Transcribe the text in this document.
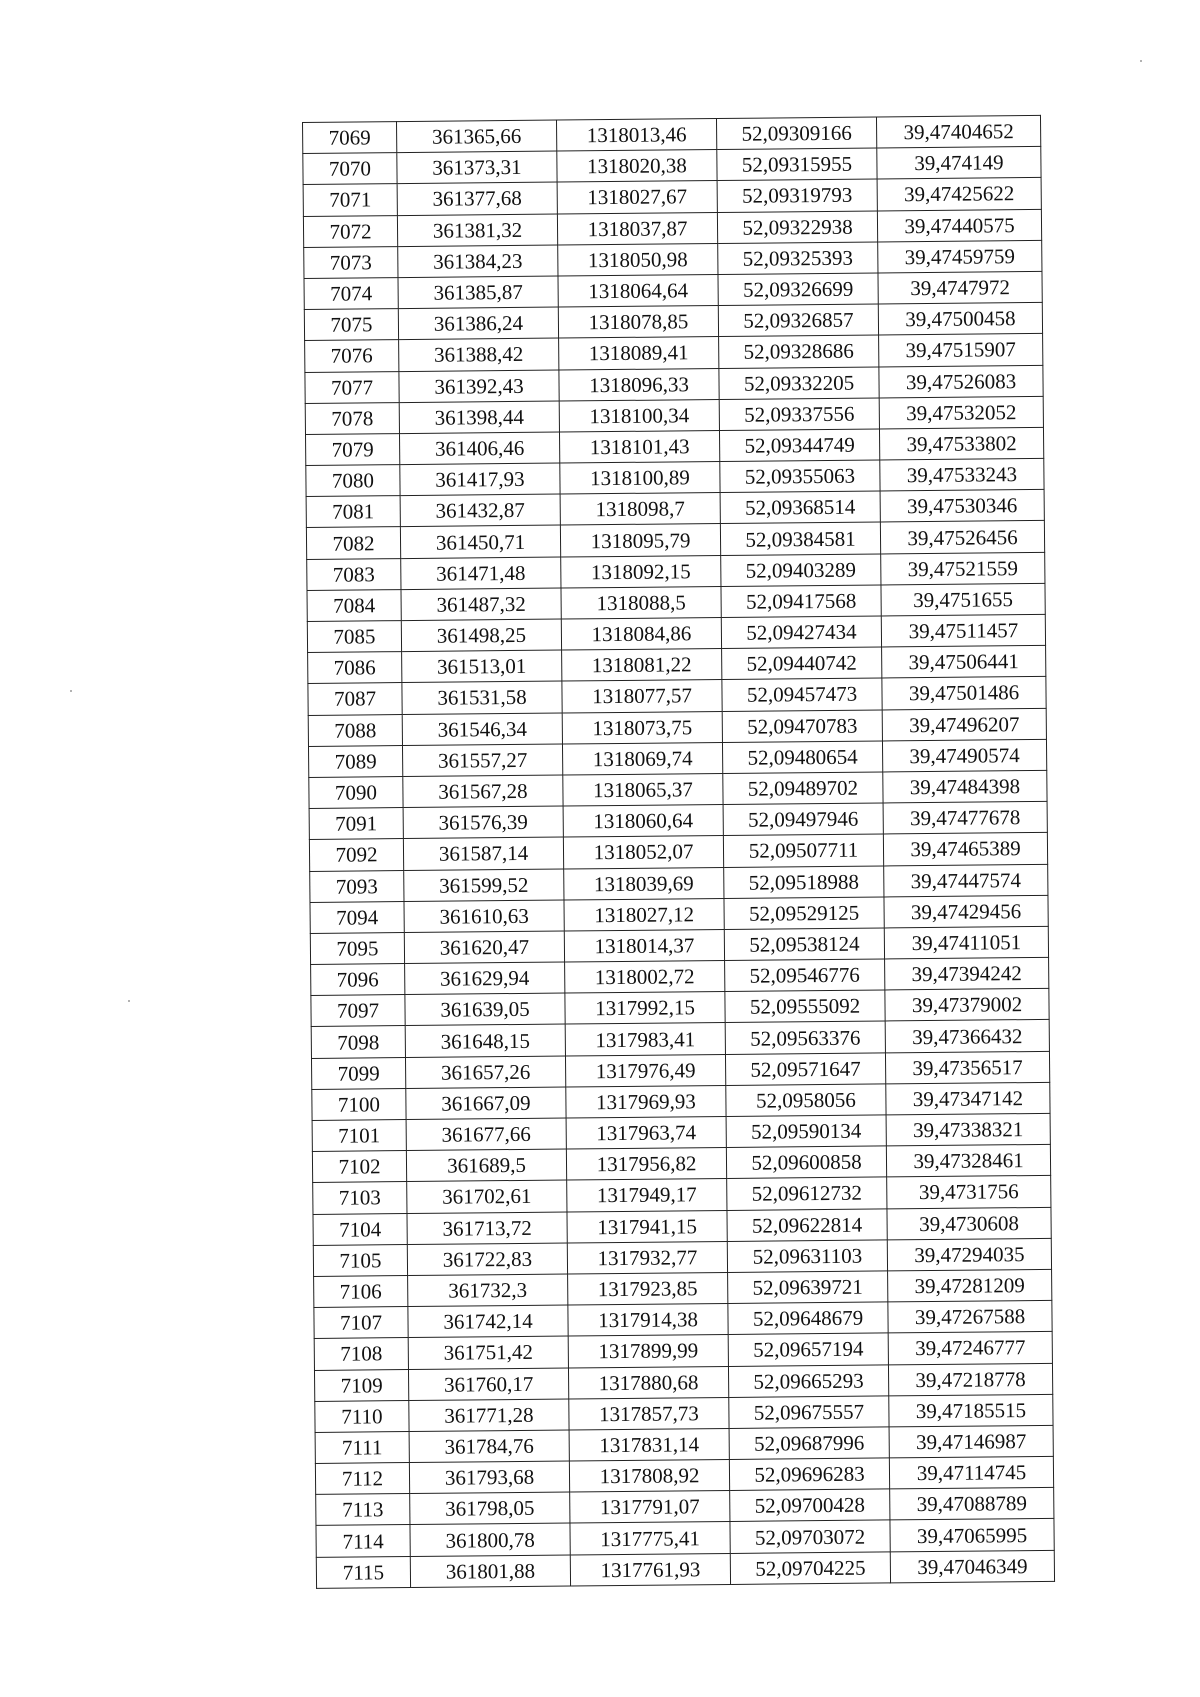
7069	361365,66	1318013,46	52,09309166	39,47404652
7070	361373,31	1318020,38	52,09315955	39,474149
7071	361377,68	1318027,67	52,09319793	39,47425622
7072	361381,32	1318037,87	52,09322938	39,47440575
7073	361384,23	1318050,98	52,09325393	39,47459759
7074	361385,87	1318064,64	52,09326699	39,4747972
7075	361386,24	1318078,85	52,09326857	39,47500458
7076	361388,42	1318089,41	52,09328686	39,47515907
7077	361392,43	1318096,33	52,09332205	39,47526083
7078	361398,44	1318100,34	52,09337556	39,47532052
7079	361406,46	1318101,43	52,09344749	39,47533802
7080	361417,93	1318100,89	52,09355063	39,47533243
7081	361432,87	1318098,7	52,09368514	39,47530346
7082	361450,71	1318095,79	52,09384581	39,47526456
7083	361471,48	1318092,15	52,09403289	39,47521559
7084	361487,32	1318088,5	52,09417568	39,4751655
7085	361498,25	1318084,86	52,09427434	39,47511457
7086	361513,01	1318081,22	52,09440742	39,47506441
7087	361531,58	1318077,57	52,09457473	39,47501486
7088	361546,34	1318073,75	52,09470783	39,47496207
7089	361557,27	1318069,74	52,09480654	39,47490574
7090	361567,28	1318065,37	52,09489702	39,47484398
7091	361576,39	1318060,64	52,09497946	39,47477678
7092	361587,14	1318052,07	52,09507711	39,47465389
7093	361599,52	1318039,69	52,09518988	39,47447574
7094	361610,63	1318027,12	52,09529125	39,47429456
7095	361620,47	1318014,37	52,09538124	39,47411051
7096	361629,94	1318002,72	52,09546776	39,47394242
7097	361639,05	1317992,15	52,09555092	39,47379002
7098	361648,15	1317983,41	52,09563376	39,47366432
7099	361657,26	1317976,49	52,09571647	39,47356517
7100	361667,09	1317969,93	52,0958056	39,47347142
7101	361677,66	1317963,74	52,09590134	39,47338321
7102	361689,5	1317956,82	52,09600858	39,47328461
7103	361702,61	1317949,17	52,09612732	39,4731756
7104	361713,72	1317941,15	52,09622814	39,4730608
7105	361722,83	1317932,77	52,09631103	39,47294035
7106	361732,3	1317923,85	52,09639721	39,47281209
7107	361742,14	1317914,38	52,09648679	39,47267588
7108	361751,42	1317899,99	52,09657194	39,47246777
7109	361760,17	1317880,68	52,09665293	39,47218778
7110	361771,28	1317857,73	52,09675557	39,47185515
7111	361784,76	1317831,14	52,09687996	39,47146987
7112	361793,68	1317808,92	52,09696283	39,47114745
7113	361798,05	1317791,07	52,09700428	39,47088789
7114	361800,78	1317775,41	52,09703072	39,47065995
7115	361801,88	1317761,93	52,09704225	39,47046349
